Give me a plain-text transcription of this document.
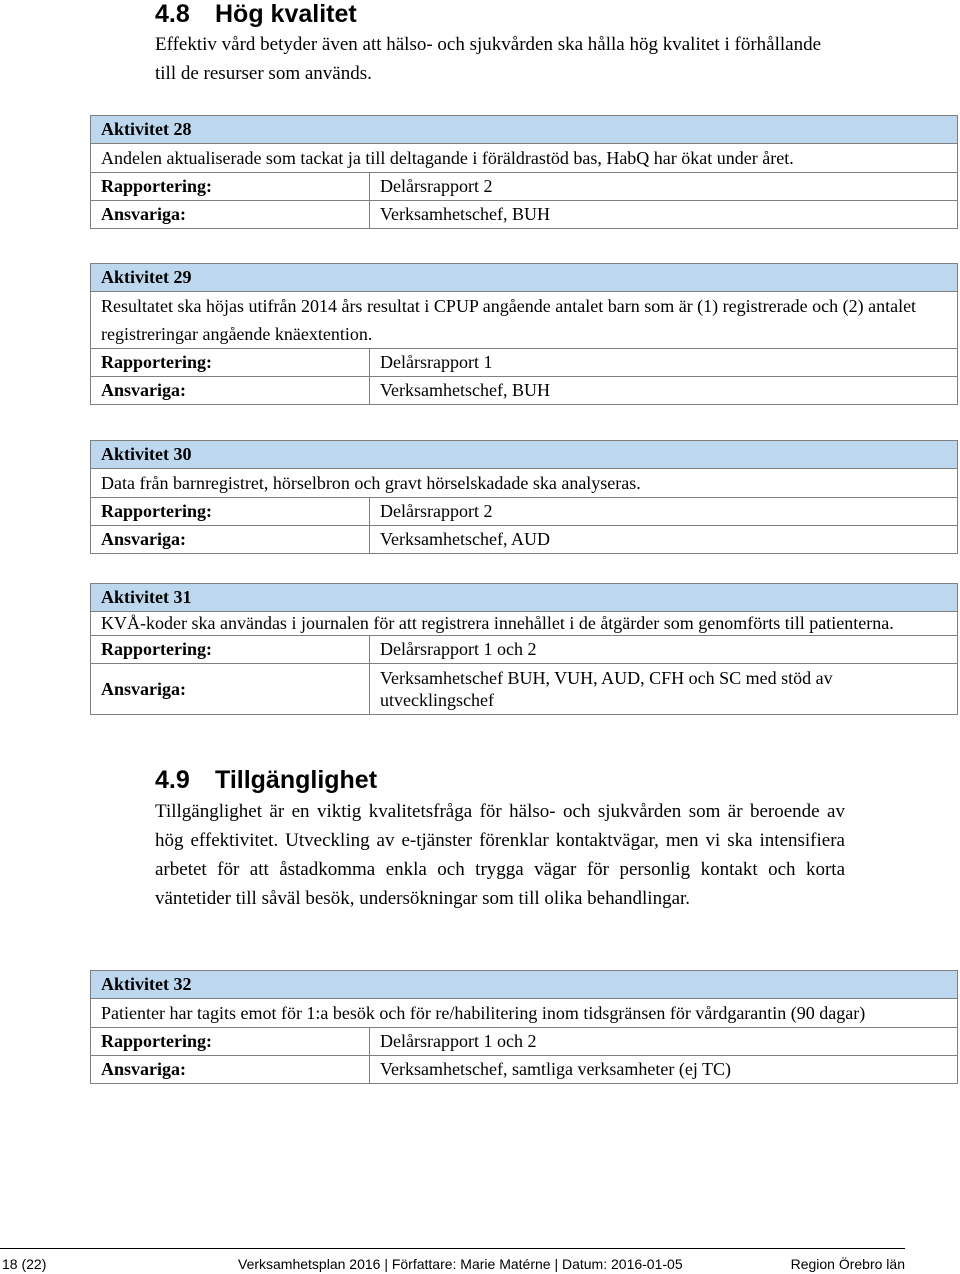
4.8 Hög kvalitet

Effektiv vård betyder även att hälso- och sjukvården ska hålla hög kvalitet i förhållande till de resurser som används.

Aktivitet 28	
Andelen aktualiserade som tackat ja till deltagande i föräldrastöd bas, HabQ har ökat under året.	
Rapportering:	Delårsrapport 2
Ansvariga:	Verksamhetschef, BUH
Aktivitet 29	
Resultatet ska höjas utifrån 2014 års resultat i CPUP angående antalet barn som är (1) registrerade och (2) antalet registreringar angående knäextention.	
Rapportering:	Delårsrapport 1
Ansvariga:	Verksamhetschef, BUH
Aktivitet 30	
Data från barnregistret, hörselbron och gravt hörselskadade ska analyseras.	
Rapportering:	Delårsrapport 2
Ansvariga:	Verksamhetschef, AUD
Aktivitet 31	
KVÅ-koder ska användas i journalen för att registrera innehållet i de åtgärder som genomförts till patienterna.	
Rapportering:	Delårsrapport 1 och 2
Ansvariga:	Verksamhetschef BUH, VUH, AUD, CFH och SC med stöd av utvecklingschef
4.9 Tillgänglighet

Tillgänglighet är en viktig kvalitetsfråga för hälso- och sjukvården som är beroende av hög effektivitet. Utveckling av e-tjänster förenklar kontaktvägar, men vi ska intensifiera arbetet för att åstadkomma enkla och trygga vägar för personlig kontakt och korta väntetider till såväl besök, undersökningar som till olika behandlingar.

Aktivitet 32	
Patienter har tagits emot för 1:a besök och för re/habilitering inom tidsgränsen för vårdgarantin (90 dagar)	
Rapportering:	Delårsrapport 1 och 2
Ansvariga:	Verksamhetschef, samtliga verksamheter (ej TC)
18 (22)	Verksamhetsplan 2016 | Författare: Marie Matérne | Datum: 2016-01-05	Region Örebro län
